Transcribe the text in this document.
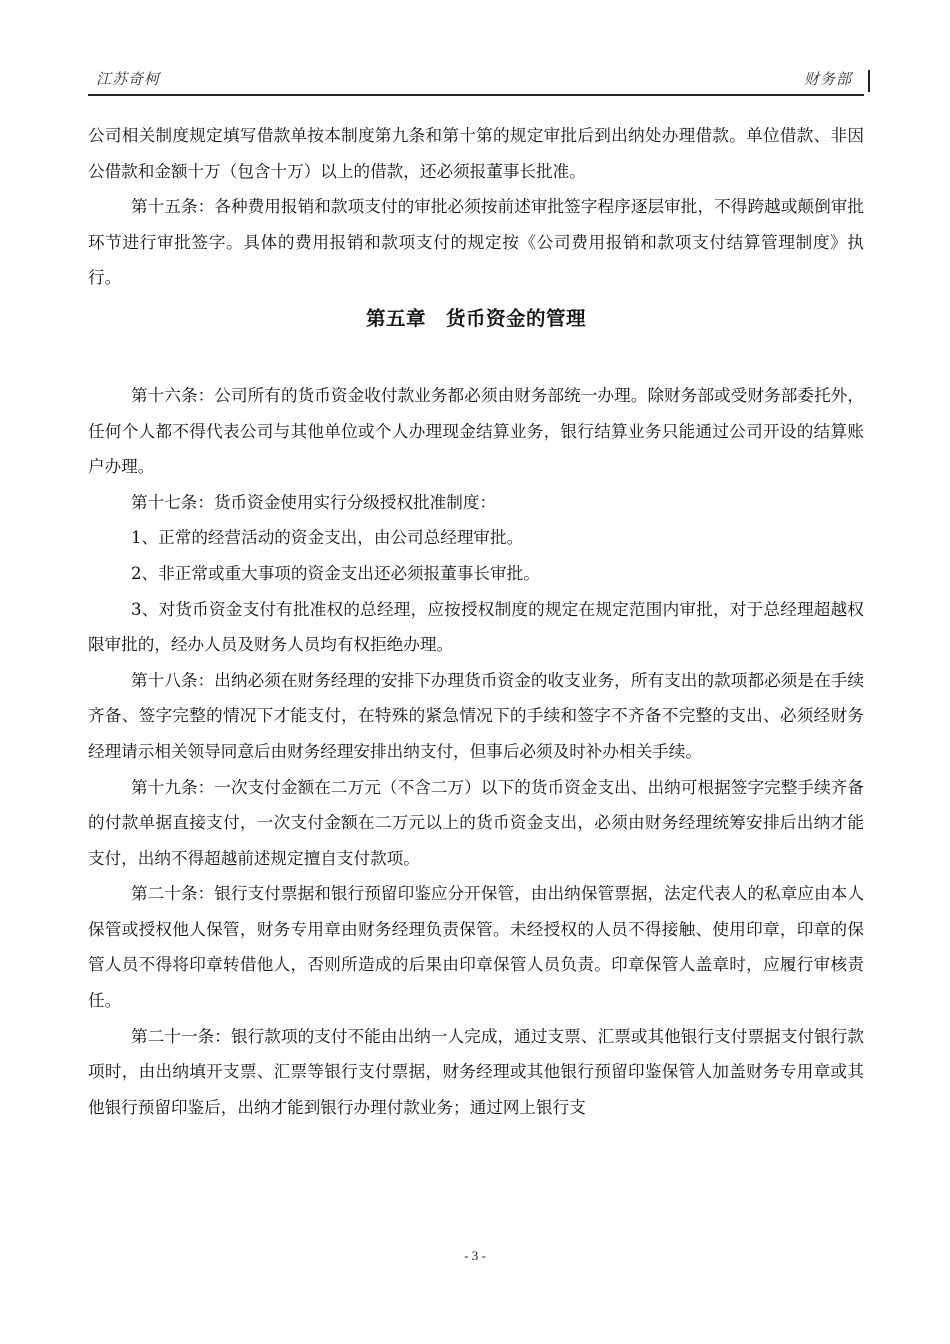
江苏奇柯	财务部

公司相关制度规定填写借款单按本制度第九条和第十第的规定审批后到出纳处办理借款。单位借款、非因公借款和金额十万（包含十万）以上的借款，还必须报董事长批准。

第十五条：各种费用报销和款项支付的审批必须按前述审批签字程序逐层审批，不得跨越或颠倒审批环节进行审批签字。具体的费用报销和款项支付的规定按《公司费用报销和款项支付结算管理制度》执行。

第五章　货币资金的管理

第十六条：公司所有的货币资金收付款业务都必须由财务部统一办理。除财务部或受财务部委托外，任何个人都不得代表公司与其他单位或个人办理现金结算业务，银行结算业务只能通过公司开设的结算账户办理。

第十七条：货币资金使用实行分级授权批准制度：

1、正常的经营活动的资金支出，由公司总经理审批。

2、非正常或重大事项的资金支出还必须报董事长审批。

3、对货币资金支付有批准权的总经理，应按授权制度的规定在规定范围内审批，对于总经理超越权限审批的，经办人员及财务人员均有权拒绝办理。

第十八条：出纳必须在财务经理的安排下办理货币资金的收支业务，所有支出的款项都必须是在手续齐备、签字完整的情况下才能支付，在特殊的紧急情况下的手续和签字不齐备不完整的支出、必须经财务经理请示相关领导同意后由财务经理安排出纳支付，但事后必须及时补办相关手续。

第十九条：一次支付金额在二万元（不含二万）以下的货币资金支出、出纳可根据签字完整手续齐备的付款单据直接支付，一次支付金额在二万元以上的货币资金支出，必须由财务经理统筹安排后出纳才能支付，出纳不得超越前述规定擅自支付款项。

第二十条：银行支付票据和银行预留印鉴应分开保管，由出纳保管票据，法定代表人的私章应由本人保管或授权他人保管，财务专用章由财务经理负责保管。未经授权的人员不得接触、使用印章，印章的保管人员不得将印章转借他人，否则所造成的后果由印章保管人员负责。印章保管人盖章时，应履行审核责任。

第二十一条：银行款项的支付不能由出纳一人完成，通过支票、汇票或其他银行支付票据支付银行款项时，由出纳填开支票、汇票等银行支付票据，财务经理或其他银行预留印鉴保管人加盖财务专用章或其他银行预留印鉴后，出纳才能到银行办理付款业务；通过网上银行支

- 3 -
